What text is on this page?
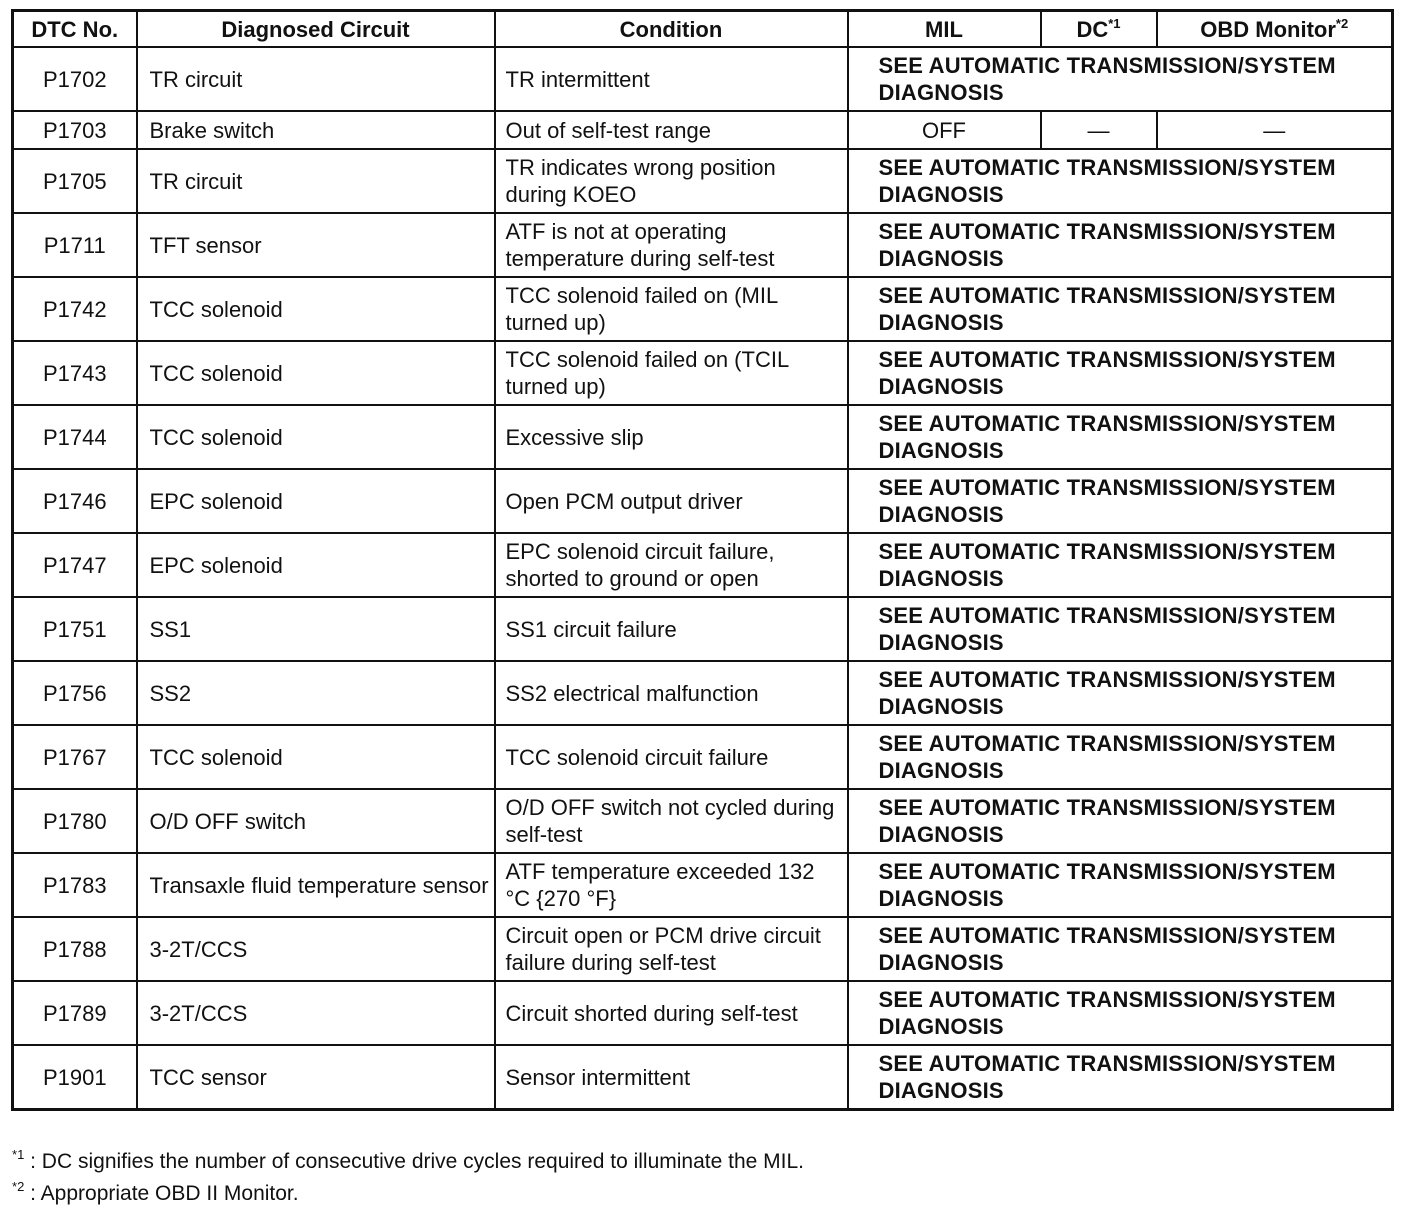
DTC No.	Diagnosed Circuit	Condition	MIL	DC$^{*1}$	OBD Monitor$^{*2}$
P1702	TR circuit	TR intermittent	SEE AUTOMATIC TRANSMISSION/SYSTEM DIAGNOSIS		
P1703	Brake switch	Out of self-test range	OFF	—	—
P1705	TR circuit	TR indicates wrong position during KOEO	SEE AUTOMATIC TRANSMISSION/SYSTEM DIAGNOSIS		
P1711	TFT sensor	ATF is not at operating temperature during self-test	SEE AUTOMATIC TRANSMISSION/SYSTEM DIAGNOSIS		
P1742	TCC solenoid	TCC solenoid failed on (MIL turned up)	SEE AUTOMATIC TRANSMISSION/SYSTEM DIAGNOSIS		
P1743	TCC solenoid	TCC solenoid failed on (TCIL turned up)	SEE AUTOMATIC TRANSMISSION/SYSTEM DIAGNOSIS		
P1744	TCC solenoid	Excessive slip	SEE AUTOMATIC TRANSMISSION/SYSTEM DIAGNOSIS		
P1746	EPC solenoid	Open PCM output driver	SEE AUTOMATIC TRANSMISSION/SYSTEM DIAGNOSIS		
P1747	EPC solenoid	EPC solenoid circuit failure, shorted to ground or open	SEE AUTOMATIC TRANSMISSION/SYSTEM DIAGNOSIS		
P1751	SS1	SS1 circuit failure	SEE AUTOMATIC TRANSMISSION/SYSTEM DIAGNOSIS		
P1756	SS2	SS2 electrical malfunction	SEE AUTOMATIC TRANSMISSION/SYSTEM DIAGNOSIS		
P1767	TCC solenoid	TCC solenoid circuit failure	SEE AUTOMATIC TRANSMISSION/SYSTEM DIAGNOSIS		
P1780	O/D OFF switch	O/D OFF switch not cycled during self-test	SEE AUTOMATIC TRANSMISSION/SYSTEM DIAGNOSIS		
P1783	Transaxle fluid temperature sensor	ATF temperature exceeded 132 °C {270 °F}	SEE AUTOMATIC TRANSMISSION/SYSTEM DIAGNOSIS		
P1788	3-2T/CCS	Circuit open or PCM drive circuit failure during self-test	SEE AUTOMATIC TRANSMISSION/SYSTEM DIAGNOSIS		
P1789	3-2T/CCS	Circuit shorted during self-test	SEE AUTOMATIC TRANSMISSION/SYSTEM DIAGNOSIS		
P1901	TCC sensor	Sensor intermittent	SEE AUTOMATIC TRANSMISSION/SYSTEM DIAGNOSIS		
$^{*1}$ : DC signifies the number of consecutive drive cycles required to illuminate the MIL.
$^{*2}$ : Appropriate OBD II Monitor.
